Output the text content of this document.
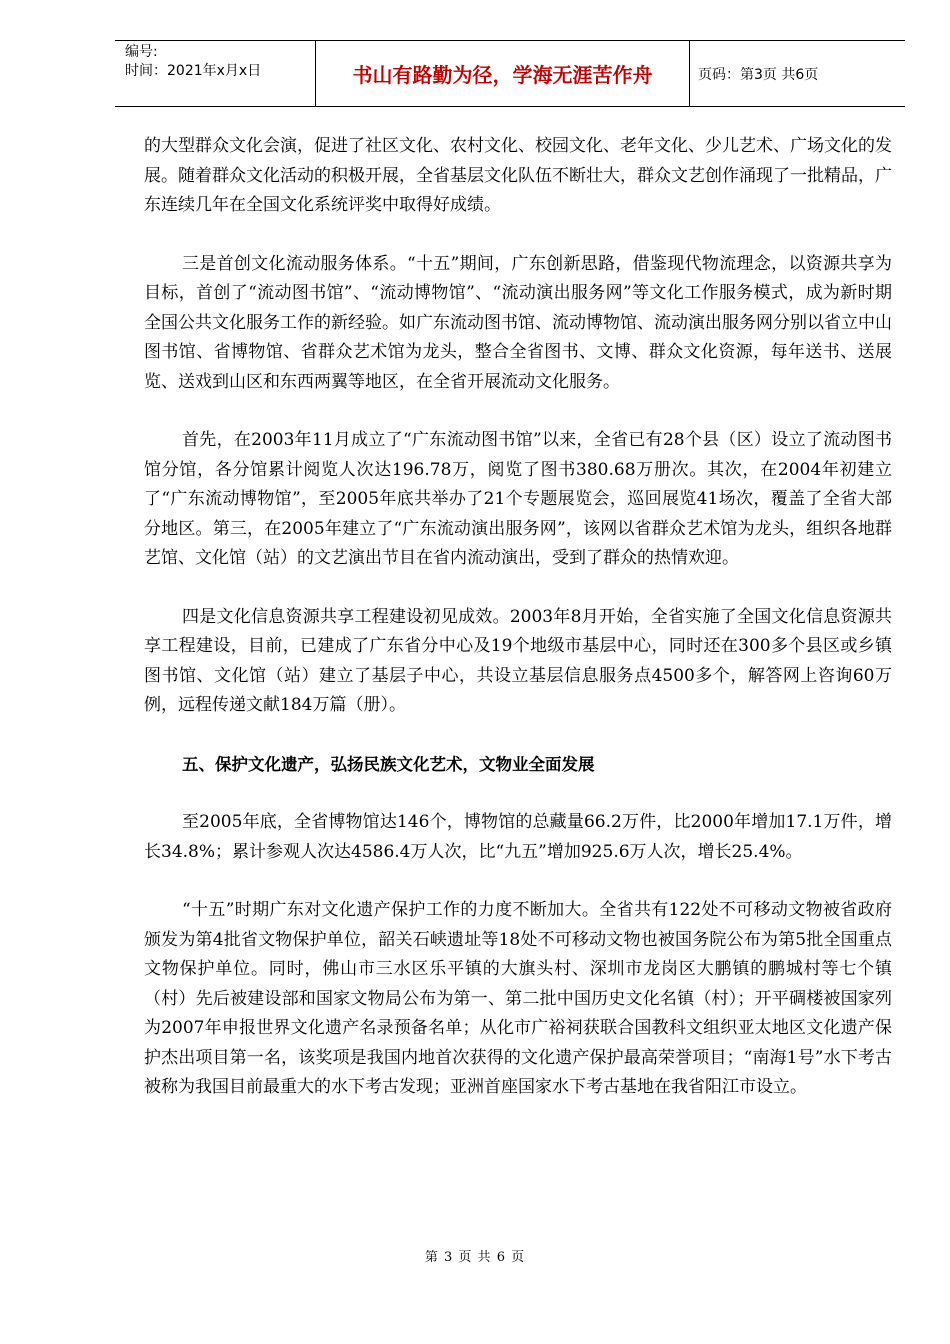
编号:
时间：2021年x月x日	书山有路勤为径，学海无涯苦作舟	页码：第3页 共6页

的大型群众文化会演，促进了社区文化、农村文化、校园文化、老年文化、少儿艺术、广场文化的发展。随着群众文化活动的积极开展，全省基层文化队伍不断壮大，群众文艺创作涌现了一批精品，广东连续几年在全国文化系统评奖中取得好成绩。

三是首创文化流动服务体系。“十五”期间，广东创新思路，借鉴现代物流理念，以资源共享为目标，首创了“流动图书馆”、“流动博物馆”、“流动演出服务网”等文化工作服务模式，成为新时期全国公共文化服务工作的新经验。如广东流动图书馆、流动博物馆、流动演出服务网分别以省立中山图书馆、省博物馆、省群众艺术馆为龙头，整合全省图书、文博、群众文化资源，每年送书、送展览、送戏到山区和东西两翼等地区，在全省开展流动文化服务。

首先，在2003年11月成立了“广东流动图书馆”以来，全省已有28个县（区）设立了流动图书馆分馆，各分馆累计阅览人次达196.78万，阅览了图书380.68万册次。其次，在2004年初建立了“广东流动博物馆”，至2005年底共举办了21个专题展览会，巡回展览41场次，覆盖了全省大部分地区。第三，在2005年建立了“广东流动演出服务网”，该网以省群众艺术馆为龙头，组织各地群艺馆、文化馆（站）的文艺演出节目在省内流动演出，受到了群众的热情欢迎。

四是文化信息资源共享工程建设初见成效。2003年8月开始，全省实施了全国文化信息资源共享工程建设，目前，已建成了广东省分中心及19个地级市基层中心，同时还在300多个县区或乡镇图书馆、文化馆（站）建立了基层子中心，共设立基层信息服务点4500多个，解答网上咨询60万例，远程传递文献184万篇（册）。

五、保护文化遗产，弘扬民族文化艺术，文物业全面发展

至2005年底，全省博物馆达146个，博物馆的总藏量66.2万件，比2000年增加17.1万件，增长34.8%；累计参观人次达4586.4万人次，比“九五”增加925.6万人次，增长25.4%。

“十五”时期广东对文化遗产保护工作的力度不断加大。全省共有122处不可移动文物被省政府颁发为第4批省文物保护单位，韶关石峡遗址等18处不可移动文物也被国务院公布为第5批全国重点文物保护单位。同时，佛山市三水区乐平镇的大旗头村、深圳市龙岗区大鹏镇的鹏城村等七个镇（村）先后被建设部和国家文物局公布为第一、第二批中国历史文化名镇（村）；开平碉楼被国家列为2007年申报世界文化遗产名录预备名单；从化市广裕祠获联合国教科文组织亚太地区文化遗产保护杰出项目第一名，该奖项是我国内地首次获得的文化遗产保护最高荣誉项目；“南海1号”水下考古被称为我国目前最重大的水下考古发现；亚洲首座国家水下考古基地在我省阳江市设立。

第 3 页 共 6 页
